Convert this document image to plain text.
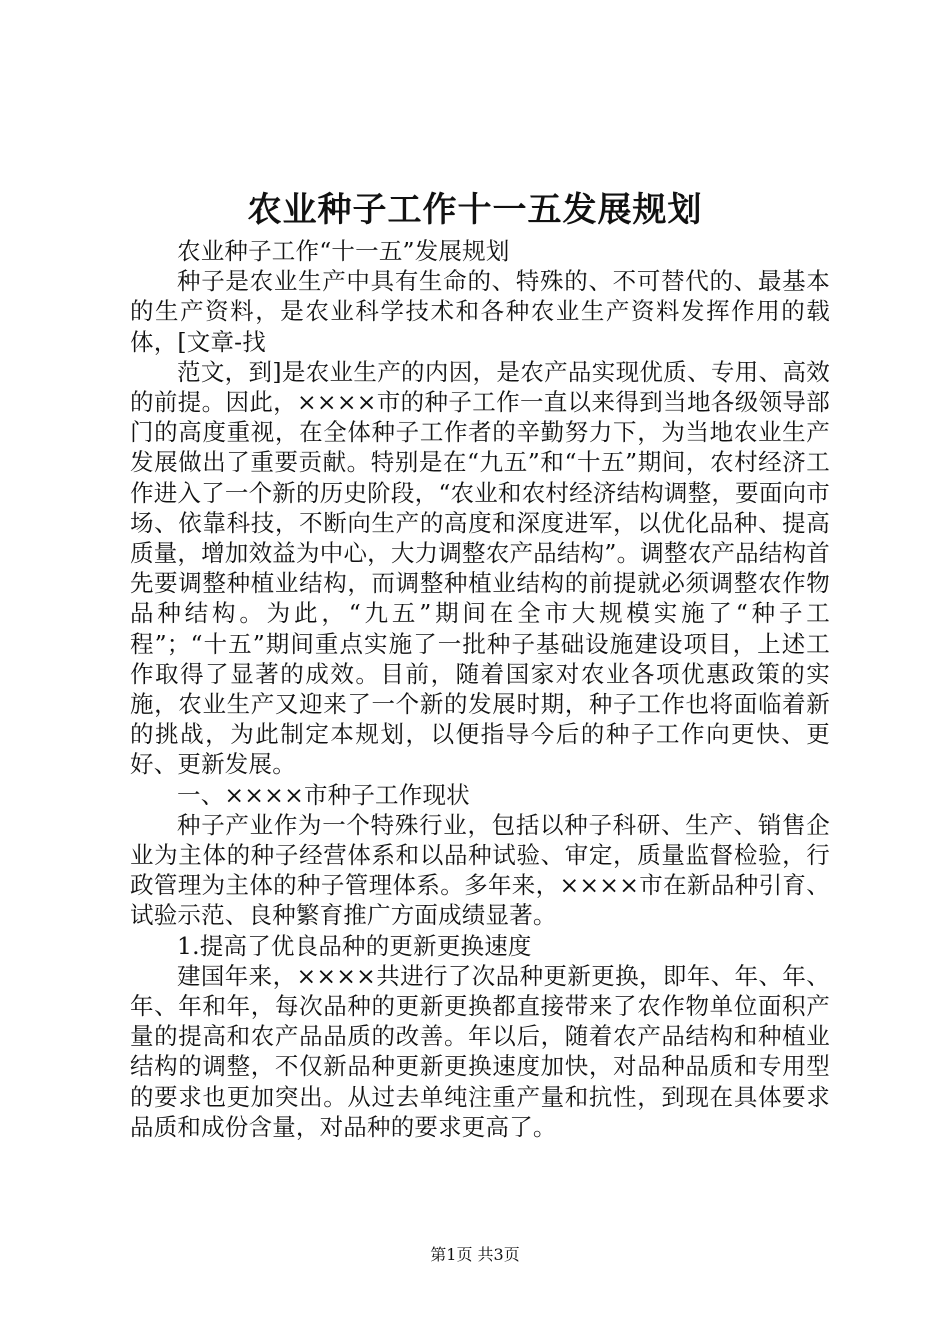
农业种子工作十一五发展规划

农业种子工作“十一五”发展规划

种子是农业生产中具有生命的、特殊的、不可替代的、最基本的生产资料，是农业科学技术和各种农业生产资料发挥作用的载体，[文章-找

范文，到]是农业生产的内因，是农产品实现优质、专用、高效的前提。因此，××××市的种子工作一直以来得到当地各级领导部门的高度重视，在全体种子工作者的辛勤努力下，为当地农业生产发展做出了重要贡献。特别是在“九五”和“十五”期间，农村经济工作进入了一个新的历史阶段，“农业和农村经济结构调整，要面向市场、依靠科技，不断向生产的高度和深度进军，以优化品种、提高质量，增加效益为中心，大力调整农产品结构”。调整农产品结构首先要调整种植业结构，而调整种植业结构的前提就必须调整农作物品种结构。为此，“九五”期间在全市大规模实施了“种子工程”；“十五”期间重点实施了一批种子基础设施建设项目，上述工作取得了显著的成效。目前，随着国家对农业各项优惠政策的实施，农业生产又迎来了一个新的发展时期，种子工作也将面临着新的挑战，为此制定本规划，以便指导今后的种子工作向更快、更好、更新发展。

一、××××市种子工作现状

种子产业作为一个特殊行业，包括以种子科研、生产、销售企业为主体的种子经营体系和以品种试验、审定，质量监督检验，行政管理为主体的种子管理体系。多年来，××××市在新品种引育、试验示范、良种繁育推广方面成绩显著。

1.提高了优良品种的更新更换速度

建国年来，××××共进行了次品种更新更换，即年、年、年、年、年和年，每次品种的更新更换都直接带来了农作物单位面积产量的提高和农产品品质的改善。年以后，随着农产品结构和种植业结构的调整，不仅新品种更新更换速度加快，对品种品质和专用型的要求也更加突出。从过去单纯注重产量和抗性，到现在具体要求品质和成份含量，对品种的要求更高了。

第1页 共3页
